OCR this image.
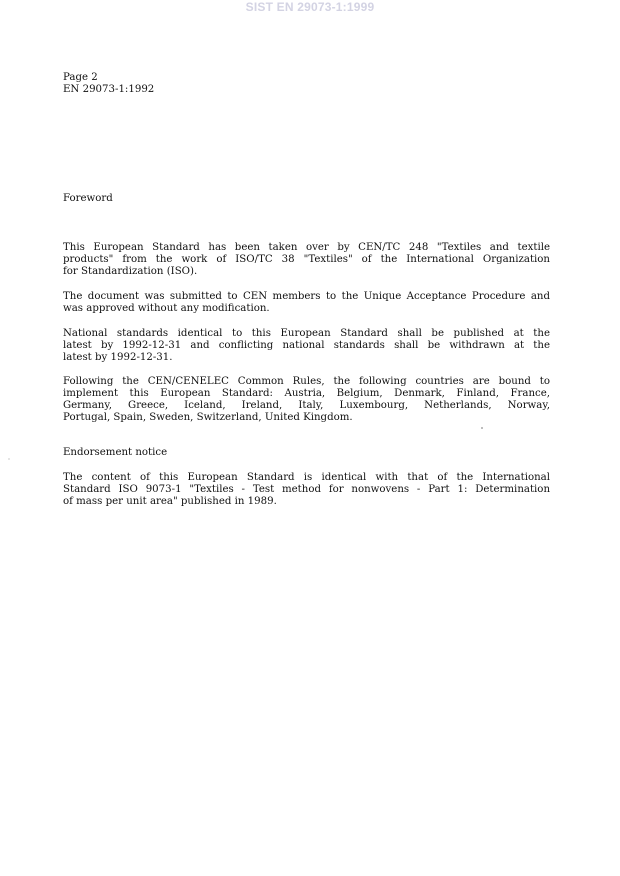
SIST EN 29073-1:1999
Page 2
EN 29073-1:1992
Foreword
This European Standard has been taken over by CEN/TC 248 "Textiles and textile
products" from the work of ISO/TC 38 "Textiles" of the International Organization
for Standardization (ISO).
The document was submitted to CEN members to the Unique Acceptance Procedure and
was approved without any modification.
National standards identical to this European Standard shall be published at the
latest by 1992-12-31 and conflicting national standards shall be withdrawn at the
latest by 1992-12-31.
Following the CEN/CENELEC Common Rules, the following countries are bound to
implement this European Standard: Austria, Belgium, Denmark, Finland, France,
Germany, Greece, Iceland, Ireland, Italy, Luxembourg, Netherlands, Norway,
Portugal, Spain, Sweden, Switzerland, United Kingdom.
Endorsement notice
The content of this European Standard is identical with that of the International
Standard ISO 9073-1 "Textiles - Test method for nonwovens - Part 1: Determination
of mass per unit area" published in 1989.
